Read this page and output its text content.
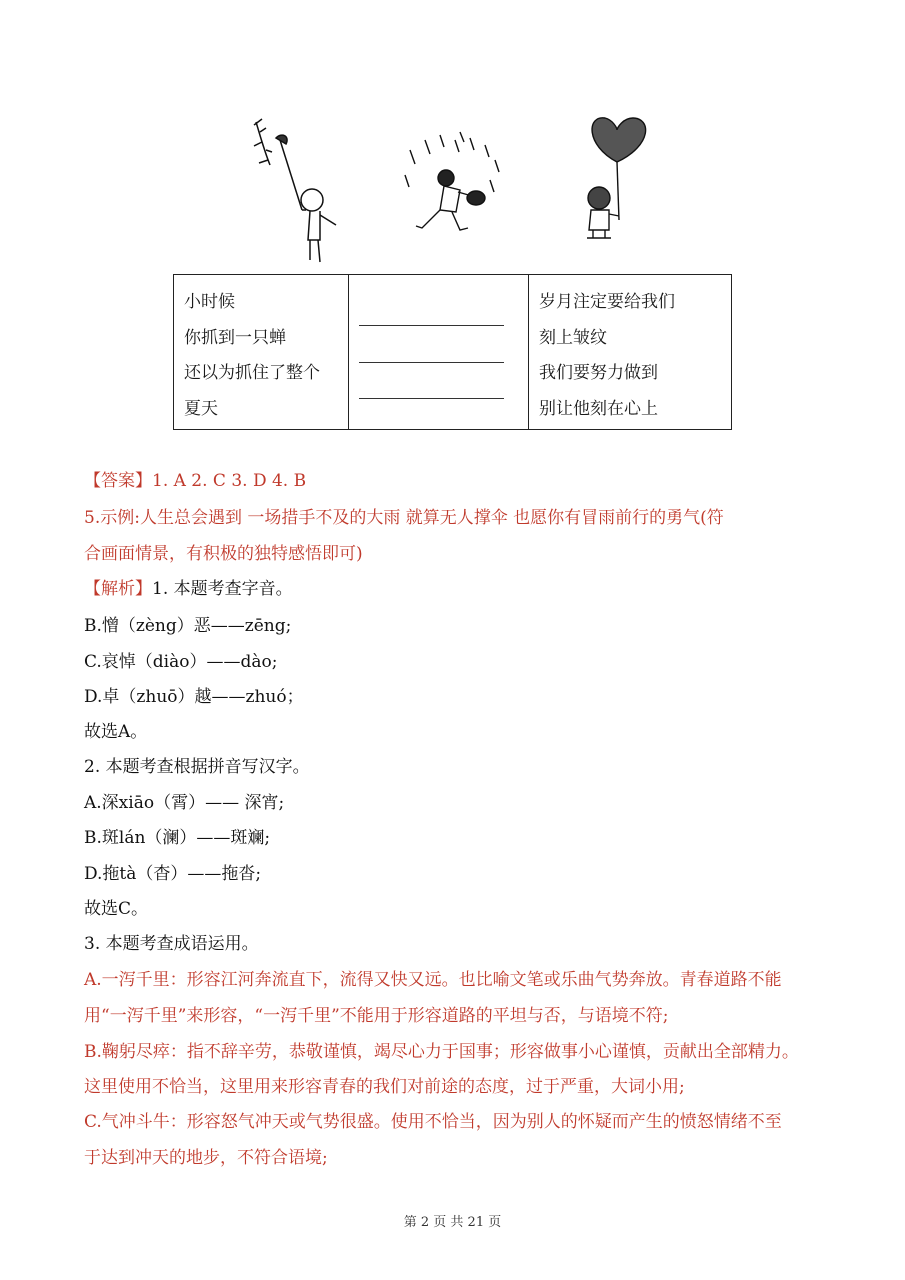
小时候
你抓到一只蝉
还以为抓住了整个
夏天

岁月注定要给我们
刻上皱纹
我们要努力做到
别让他刻在心上
【答案】1. A 2. C 3. D 4. B
5.示例:人生总会遇到 一场措手不及的大雨 就算无人撑伞 也愿你有冒雨前行的勇气(符
合画面情景，有积极的独特感悟即可)
【解析】1. 本题考查字音。
B.憎（zèng）恶——zēng;
C.哀悼（diào）——dào;
D.卓（zhuō）越——zhuó；
故选A。
2. 本题考查根据拼音写汉字。
A.深xiāo（霄）—— 深宵;
B.斑lán（澜）——斑斓;
D.拖tà（杳）——拖沓;
故选C。
3. 本题考查成语运用。
A.一泻千里：形容江河奔流直下，流得又快又远。也比喻文笔或乐曲气势奔放。青春道路不能
用“一泻千里”来形容，“一泻千里”不能用于形容道路的平坦与否，与语境不符;
B.鞠躬尽瘁：指不辞辛劳，恭敬谨慎，竭尽心力于国事；形容做事小心谨慎，贡献出全部精力。
这里使用不恰当，这里用来形容青春的我们对前途的态度，过于严重，大词小用;
C.气冲斗牛：形容怒气冲天或气势很盛。使用不恰当，因为别人的怀疑而产生的愤怒情绪不至
于达到冲天的地步，不符合语境;
第 2 页 共 21 页
